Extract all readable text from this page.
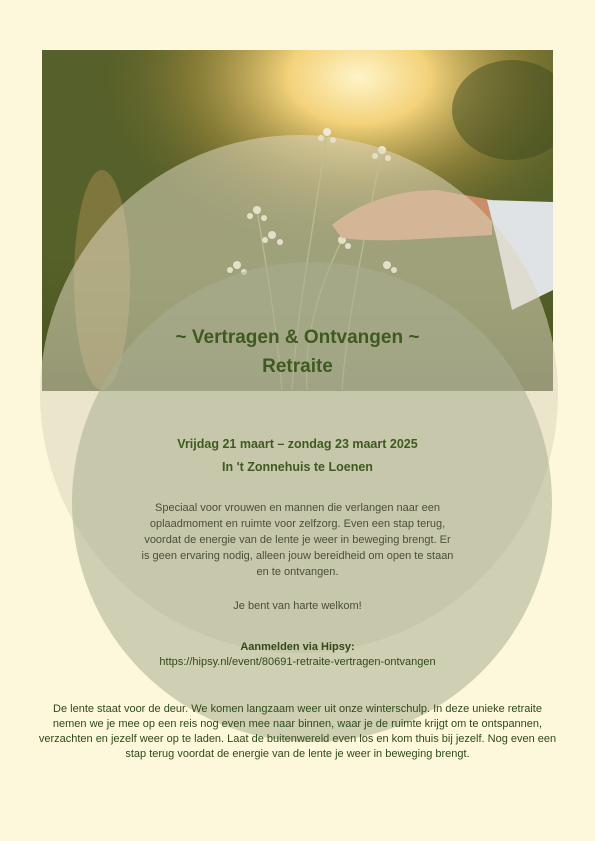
~ Vertragen & Ontvangen ~
Retraite
Vrijdag 21 maart – zondag 23 maart 2025
In 't Zonnehuis te Loenen
Speciaal voor vrouwen en mannen die verlangen naar een oplaadmoment en ruimte voor zelfzorg. Even een stap terug, voordat de energie van de lente je weer in beweging brengt. Er is geen ervaring nodig, alleen jouw bereidheid om open te staan en te ontvangen.
Je bent van harte welkom!
Aanmelden via Hipsy:
https://hipsy.nl/event/80691-retraite-vertragen-ontvangen
De lente staat voor de deur. We komen langzaam weer uit onze winterschulp. In deze unieke retraite nemen we je mee op een reis nog even mee naar binnen, waar je de ruimte krijgt om te ontspannen, verzachten en jezelf weer op te laden. Laat de buitenwereld even los en kom thuis bij jezelf. Nog even een stap terug voordat de energie van de lente je weer in beweging brengt.
